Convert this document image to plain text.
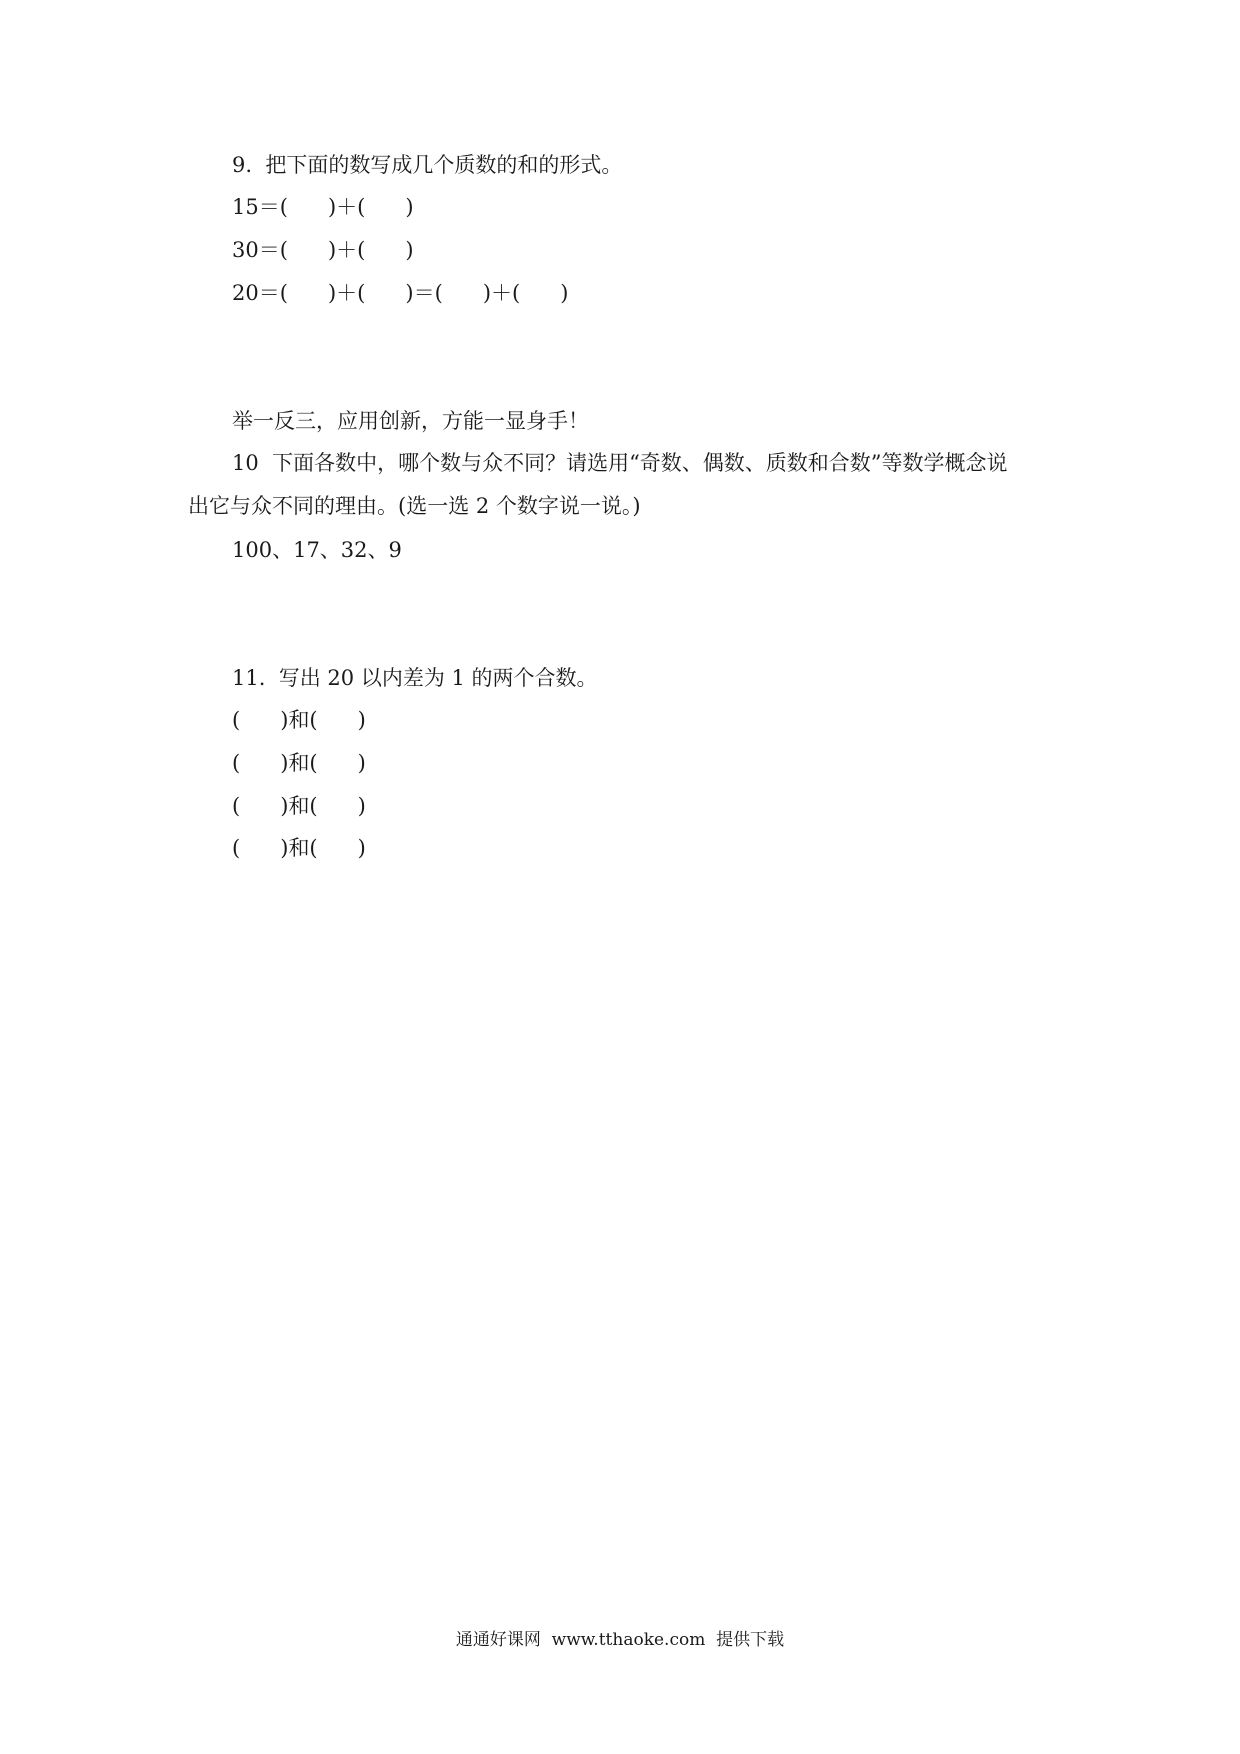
9.  把下面的数写成几个质数的和的形式。

15＝(      )＋(      )

30＝(      )＋(      )

20＝(      )＋(      )＝(      )＋(      )

举一反三，应用创新，方能一显身手！

10  下面各数中，哪个数与众不同？请选用“奇数、偶数、质数和合数”等数学概念说

出它与众不同的理由。(选一选 2 个数字说一说。)

100、17、32、9

11.  写出 20 以内差为 1 的两个合数。

(      )和(      )

(      )和(      )

(      )和(      )

(      )和(      )

通通好课网  www.tthaoke.com  提供下载
